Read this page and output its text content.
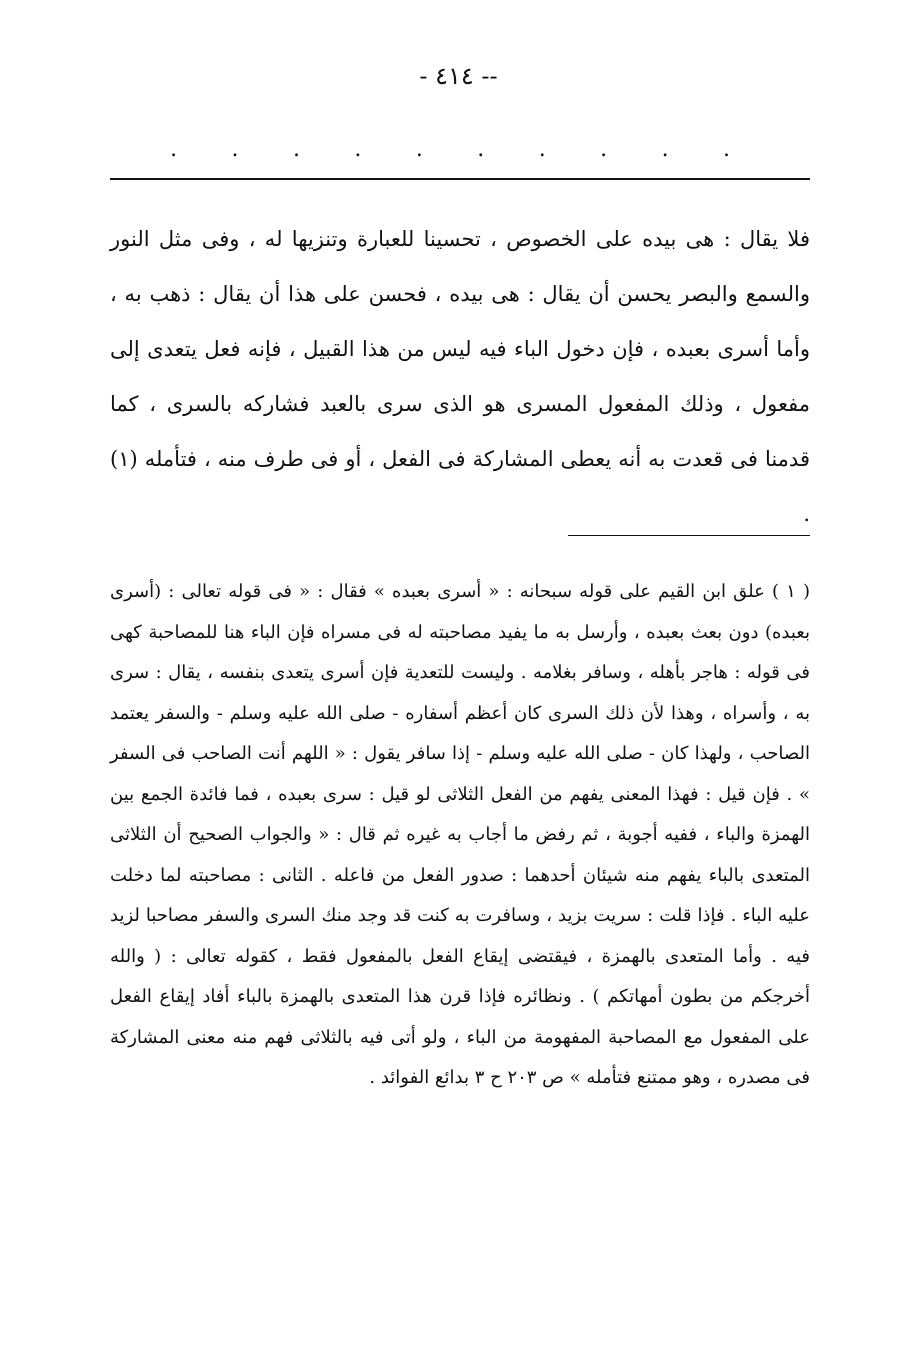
-- ٤١٤ -
.
.
.
.
.
.
.
.
.
.

فلا يقال : هى بيده على الخصوص ، تحسينا للعبارة وتنزيها له ، وفى مثل النور والسمع والبصر يحسن أن يقال : هى بيده ، فحسن على هذا أن يقال : ذهب به ، وأما أسرى بعبده ، فإن دخول الباء فيه ليس من هذا القبيل ، فإنه فعل يتعدى إلى مفعول ، وذلك المفعول المسرى هو الذى سرى بالعبد فشاركه بالسرى ، كما قدمنا فى قعدت به أنه يعطى المشاركة فى الفعل ، أو فى طرف منه ، فتأمله (١) .

( ١ ) علق ابن القيم على قوله سبحانه : « أسرى بعبده » فقال : « فى قوله تعالى : (أسرى بعبده) دون بعث بعبده ، وأرسل به ما يفيد مصاحبته له فى مسراه فإن الباء هنا للمصاحبة كهى فى قوله : هاجر بأهله ، وسافر بغلامه . وليست للتعدية فإن أسرى يتعدى بنفسه ، يقال : سرى به ، وأسراه ، وهذا لأن ذلك السرى كان أعظم أسفاره - صلى الله عليه وسلم - والسفر يعتمد الصاحب ، ولهذا كان - صلى الله عليه وسلم - إذا سافر يقول : « اللهم أنت الصاحب فى السفر » . فإن قيل : فهذا المعنى يفهم من الفعل الثلاثى لو قيل : سرى بعبده ، فما فائدة الجمع بين الهمزة والباء ، ففيه أجوبة ، ثم رفض ما أجاب به غيره ثم قال : « والجواب الصحيح أن الثلاثى المتعدى بالباء يفهم منه شيئان أحدهما : صدور الفعل من فاعله . الثانى : مصاحبته لما دخلت عليه الباء . فإذا قلت : سريت بزيد ، وسافرت به كنت قد وجد منك السرى والسفر مصاحبا لزيد فيه . وأما المتعدى بالهمزة ، فيقتضى إيقاع الفعل بالمفعول فقط ، كقوله تعالى : ( والله أخرجكم من بطون أمهاتكم ) . ونظائره فإذا قرن هذا المتعدى بالهمزة بالباء أفاد إيقاع الفعل على المفعول مع المصاحبة المفهومة من الباء ، ولو أتى فيه بالثلاثى فهم منه معنى المشاركة فى مصدره ، وهو ممتنع فتأمله » ص ٢٠٣ ح ٣ بدائع الفوائد .
